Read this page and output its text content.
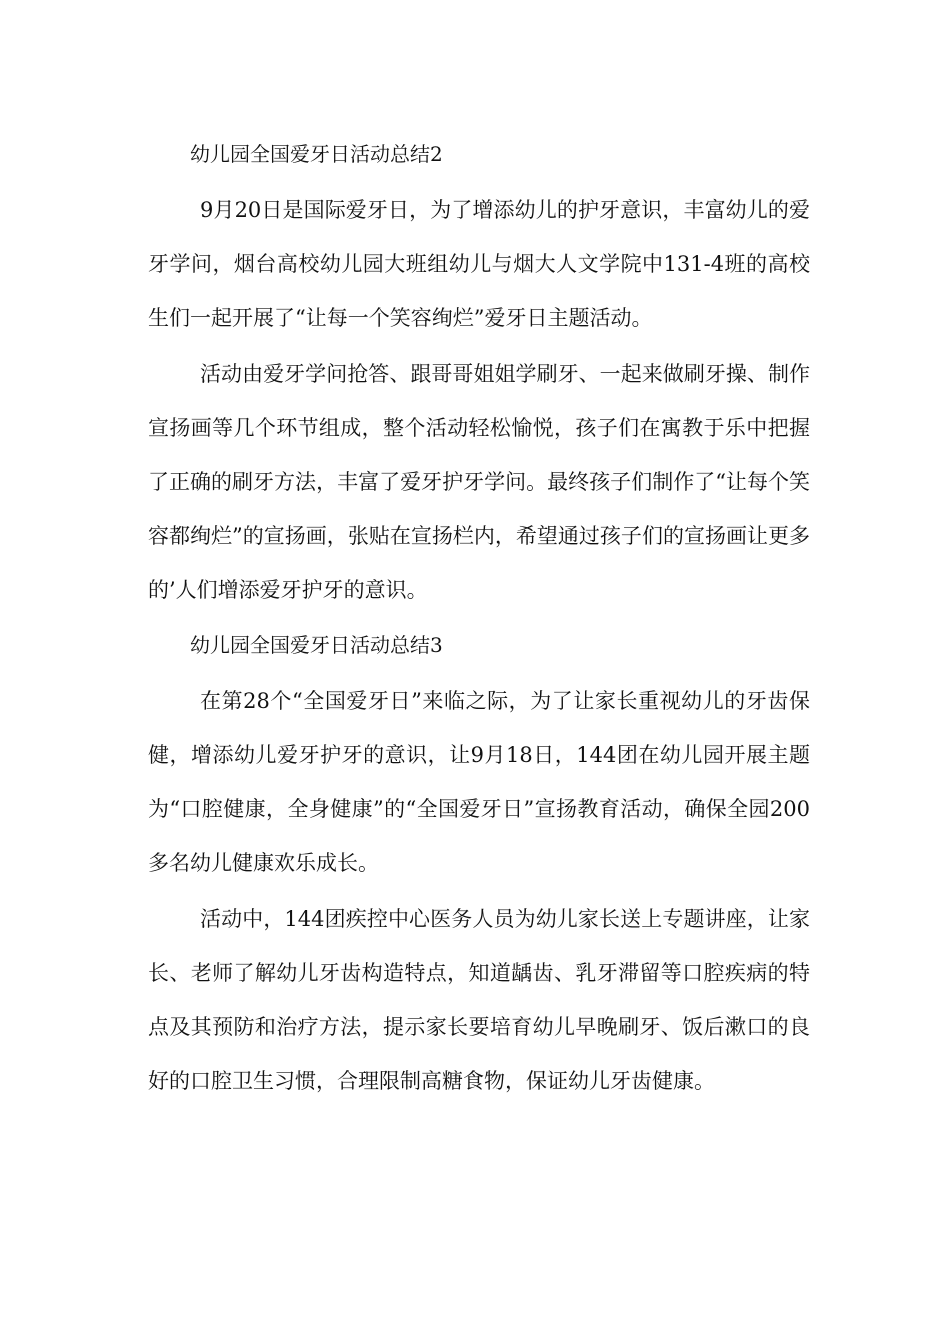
幼儿园全国爱牙日活动总结2

9月20日是国际爱牙日，为了增添幼儿的护牙意识，丰富幼儿的爱牙学问，烟台高校幼儿园大班组幼儿与烟大人文学院中131-4班的高校生们一起开展了“让每一个笑容绚烂”爱牙日主题活动。

活动由爱牙学问抢答、跟哥哥姐姐学刷牙、一起来做刷牙操、制作宣扬画等几个环节组成，整个活动轻松愉悦，孩子们在寓教于乐中把握了正确的刷牙方法，丰富了爱牙护牙学问。最终孩子们制作了“让每个笑容都绚烂”的宣扬画，张贴在宣扬栏内，希望通过孩子们的宣扬画让更多的’人们增添爱牙护牙的意识。

幼儿园全国爱牙日活动总结3

在第28个“全国爱牙日”来临之际，为了让家长重视幼儿的牙齿保健，增添幼儿爱牙护牙的意识，让9月18日，144团在幼儿园开展主题为“口腔健康，全身健康”的“全国爱牙日”宣扬教育活动，确保全园200多名幼儿健康欢乐成长。

活动中，144团疾控中心医务人员为幼儿家长送上专题讲座，让家长、老师了解幼儿牙齿构造特点，知道龋齿、乳牙滞留等口腔疾病的特点及其预防和治疗方法，提示家长要培育幼儿早晚刷牙、饭后漱口的良好的口腔卫生习惯，合理限制高糖食物，保证幼儿牙齿健康。
